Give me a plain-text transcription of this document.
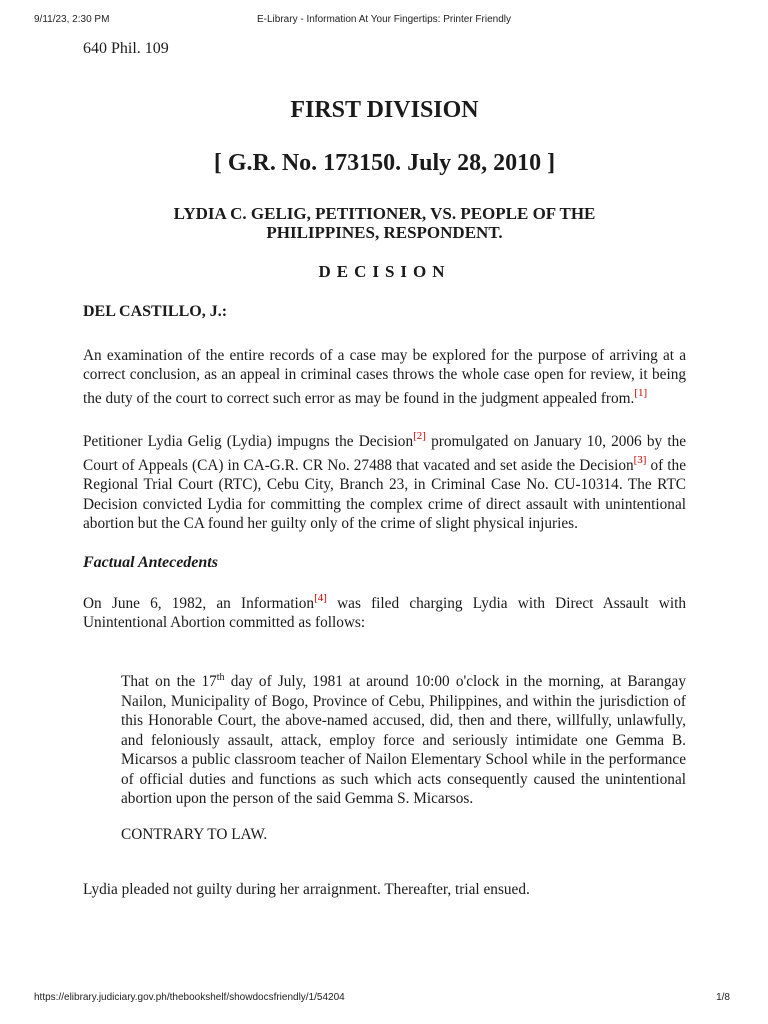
9/11/23, 2:30 PM	E-Library - Information At Your Fingertips: Printer Friendly

640 Phil. 109

FIRST DIVISION
[ G.R. No. 173150. July 28, 2010 ]
LYDIA C. GELIG, PETITIONER, VS. PEOPLE OF THE
PHILIPPINES, RESPONDENT.
DECISION
DEL CASTILLO, J.:

An examination of the entire records of a case may be explored for the purpose of arriving at a correct conclusion, as an appeal in criminal cases throws the whole case open for review, it being the duty of the court to correct such error as may be found in the judgment appealed from.[1]

Petitioner Lydia Gelig (Lydia) impugns the Decision[2] promulgated on January 10, 2006 by the Court of Appeals (CA) in CA-G.R. CR No. 27488 that vacated and set aside the Decision[3] of the Regional Trial Court (RTC), Cebu City, Branch 23, in Criminal Case No. CU-10314. The RTC Decision convicted Lydia for committing the complex crime of direct assault with unintentional abortion but the CA found her guilty only of the crime of slight physical injuries.

Factual Antecedents

On June 6, 1982, an Information[4] was filed charging Lydia with Direct Assault with Unintentional Abortion committed as follows:

That on the 17th day of July, 1981 at around 10:00 o'clock in the morning, at Barangay Nailon, Municipality of Bogo, Province of Cebu, Philippines, and within the jurisdiction of this Honorable Court, the above-named accused, did, then and there, willfully, unlawfully, and feloniously assault, attack, employ force and seriously intimidate one Gemma B. Micarsos a public classroom teacher of Nailon Elementary School while in the performance of official duties and functions as such which acts consequently caused the unintentional abortion upon the person of the said Gemma S. Micarsos.

CONTRARY TO LAW.

Lydia pleaded not guilty during her arraignment. Thereafter, trial ensued.

https://elibrary.judiciary.gov.ph/thebookshelf/showdocsfriendly/1/54204	1/8
